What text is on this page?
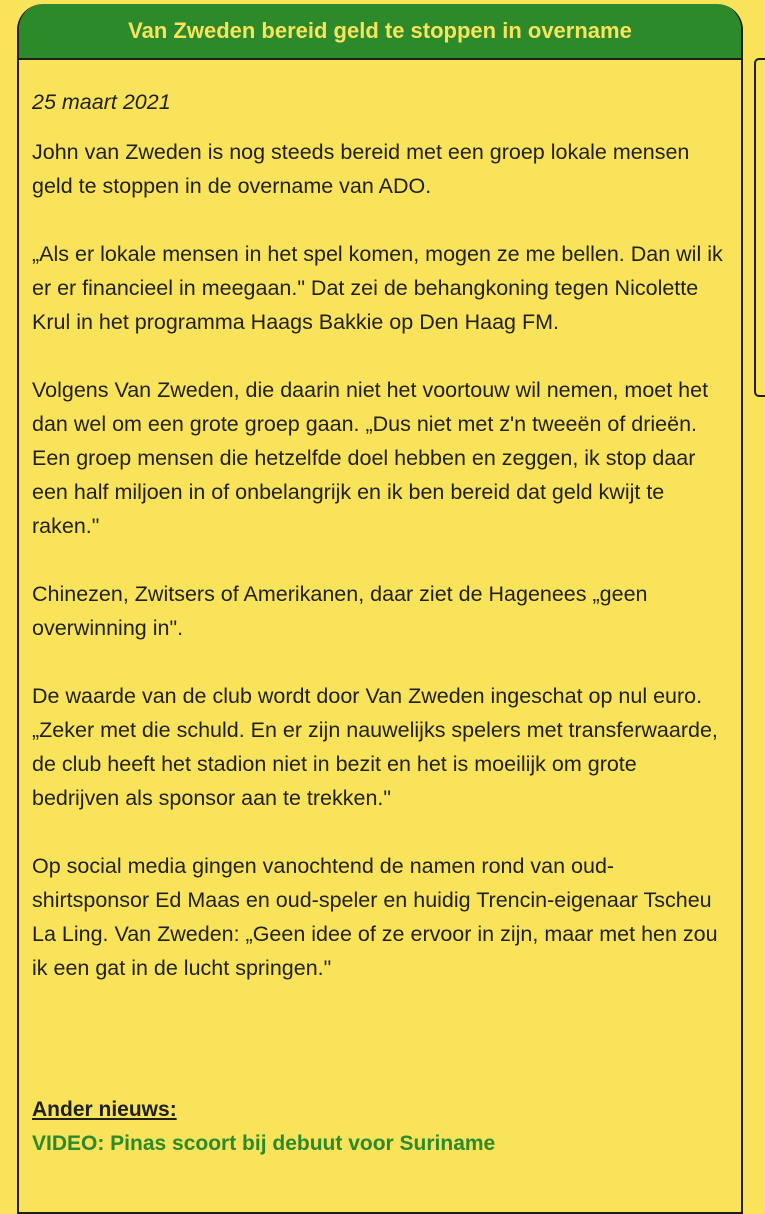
Van Zweden bereid geld te stoppen in overname
25 maart 2021

John van Zweden is nog steeds bereid met een groep lokale mensen geld te stoppen in de overname van ADO.

„Als er lokale mensen in het spel komen, mogen ze me bellen. Dan wil ik er er financieel in meegaan." Dat zei de behangkoning tegen Nicolette Krul in het programma Haags Bakkie op Den Haag FM.

Volgens Van Zweden, die daarin niet het voortouw wil nemen, moet het dan wel om een grote groep gaan. „Dus niet met z'n tweeën of drieën. Een groep mensen die hetzelfde doel hebben en zeggen, ik stop daar een half miljoen in of onbelangrijk en ik ben bereid dat geld kwijt te raken."

Chinezen, Zwitsers of Amerikanen, daar ziet de Hagenees „geen overwinning in".

De waarde van de club wordt door Van Zweden ingeschat op nul euro. „Zeker met die schuld. En er zijn nauwelijks spelers met transferwaarde, de club heeft het stadion niet in bezit en het is moeilijk om grote bedrijven als sponsor aan te trekken."

Op social media gingen vanochtend de namen rond van oud-shirtsponsor Ed Maas en oud-speler en huidig Trencin-eigenaar Tscheu La Ling. Van Zweden: „Geen idee of ze ervoor in zijn, maar met hen zou ik een gat in de lucht springen."

Ander nieuws:
VIDEO: Pinas scoort bij debuut voor Suriname
